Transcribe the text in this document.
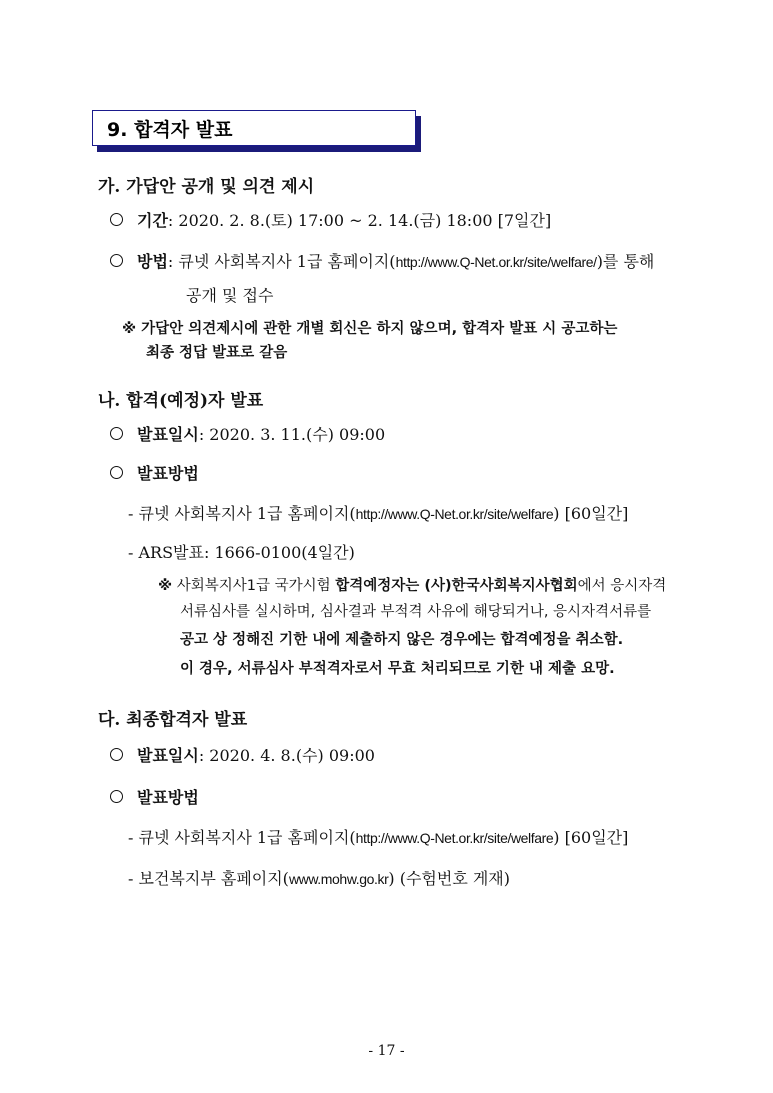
9. 합격자 발표
가. 가답안 공개 및 의견 제시
기간: 2020. 2. 8.(토) 17:00 ~ 2. 14.(금) 18:00 [7일간]
방법: 큐넷 사회복지사 1급 홈페이지(http://www.Q-Net.or.kr/site/welfare/)를 통해
공개 및 접수
※ 가답안 의견제시에 관한 개별 회신은 하지 않으며, 합격자 발표 시 공고하는
최종 정답 발표로 갈음
나. 합격(예정)자 발표
발표일시: 2020. 3. 11.(수) 09:00
발표방법
- 큐넷 사회복지사 1급 홈페이지(http://www.Q-Net.or.kr/site/welfare) [60일간]
- ARS발표: 1666-0100(4일간)
※ 사회복지사1급 국가시험 합격예정자는 (사)한국사회복지사협회에서 응시자격
서류심사를 실시하며, 심사결과 부적격 사유에 해당되거나, 응시자격서류를
공고 상 정해진 기한 내에 제출하지 않은 경우에는 합격예정을 취소함.
이 경우, 서류심사 부적격자로서 무효 처리되므로 기한 내 제출 요망.
다. 최종합격자 발표
발표일시: 2020. 4. 8.(수) 09:00
발표방법
- 큐넷 사회복지사 1급 홈페이지(http://www.Q-Net.or.kr/site/welfare) [60일간]
- 보건복지부 홈페이지(www.mohw.go.kr) (수험번호 게재)
- 17 -
